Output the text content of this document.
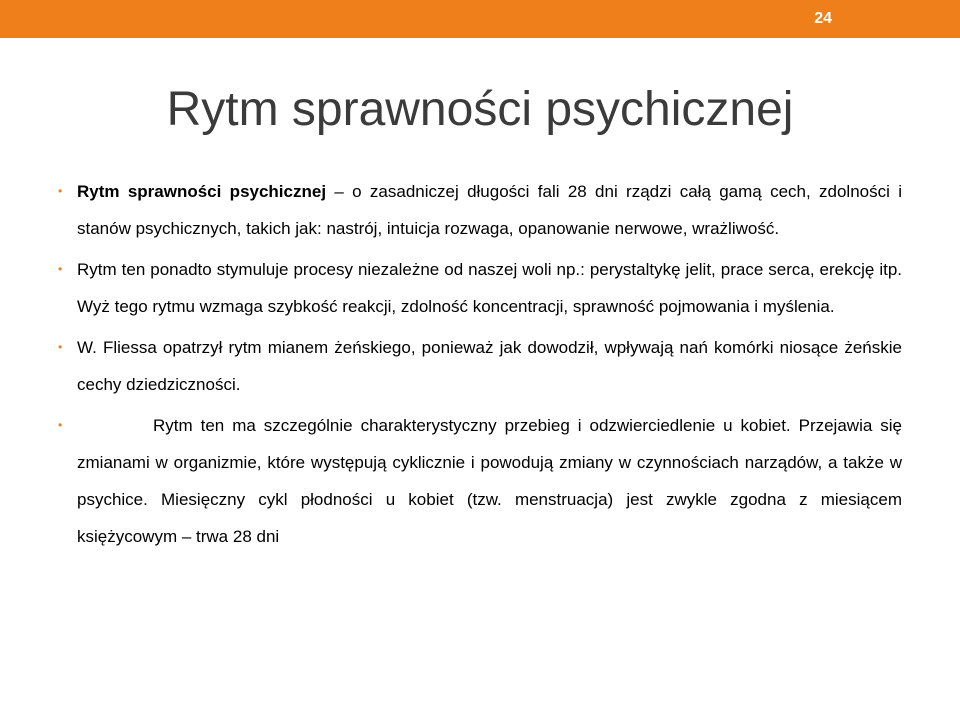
24
Rytm sprawności psychicznej
• Rytm sprawności psychicznej – o zasadniczej długości fali 28 dni rządzi całą gamą cech, zdolności i stanów psychicznych, takich jak: nastrój, intuicja rozwaga, opanowanie nerwowe, wrażliwość.
• Rytm ten ponadto stymuluje procesy niezależne od naszej woli np.: perystaltykę jelit, prace serca, erekcję itp. Wyż tego rytmu wzmaga szybkość reakcji, zdolność koncentracji, sprawność pojmowania i myślenia.
• W. Fliessa opatrzył rytm mianem żeńskiego, ponieważ jak dowodził, wpływają nań komórki niosące żeńskie cechy dziedziczności.
•	Rytm ten ma szczególnie charakterystyczny przebieg i odzwierciedlenie u kobiet. Przejawia się zmianami w organizmie, które występują cyklicznie i powodują zmiany w czynnościach narządów, a także w psychice. Miesięczny cykl płodności u kobiet (tzw. menstruacja) jest zwykle zgodna z miesiącem księżycowym – trwa 28 dni
